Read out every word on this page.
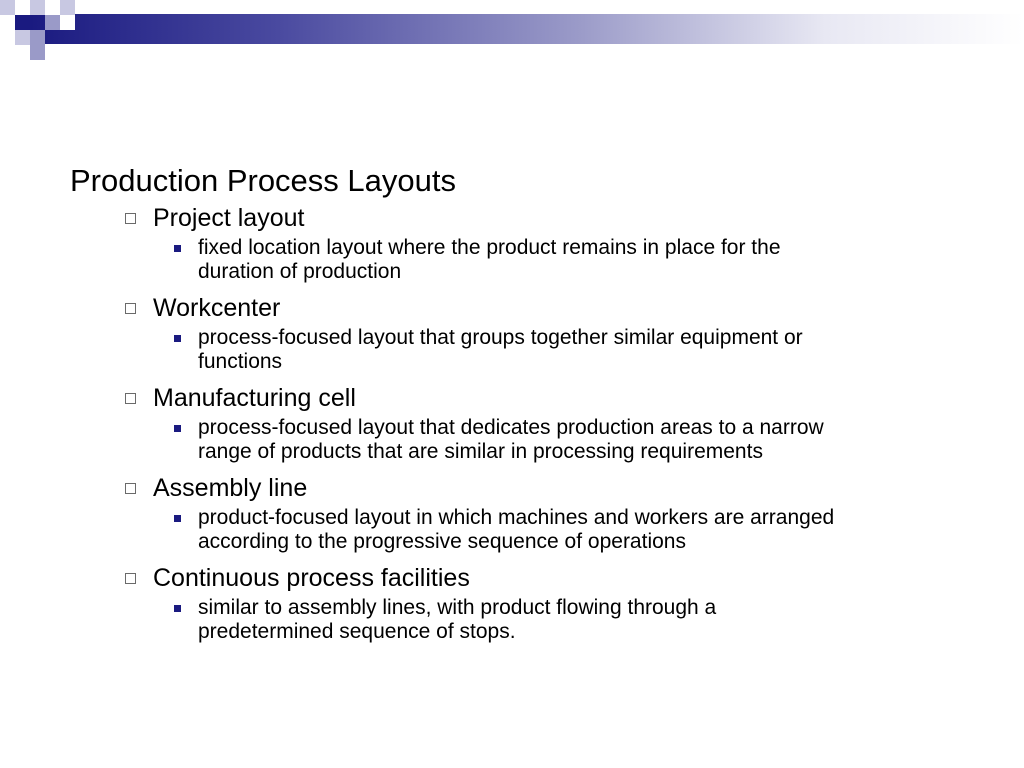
Production Process Layouts
Project layout
fixed location layout where the product remains in place for the duration of production
Workcenter
process-focused layout that groups together similar equipment or functions
Manufacturing cell
process-focused layout that dedicates production areas to a narrow range of products that are similar in processing requirements
Assembly line
product-focused layout in which machines and workers are arranged according to the progressive sequence of operations
Continuous process facilities
similar to assembly lines, with product flowing through a predetermined sequence of stops.
